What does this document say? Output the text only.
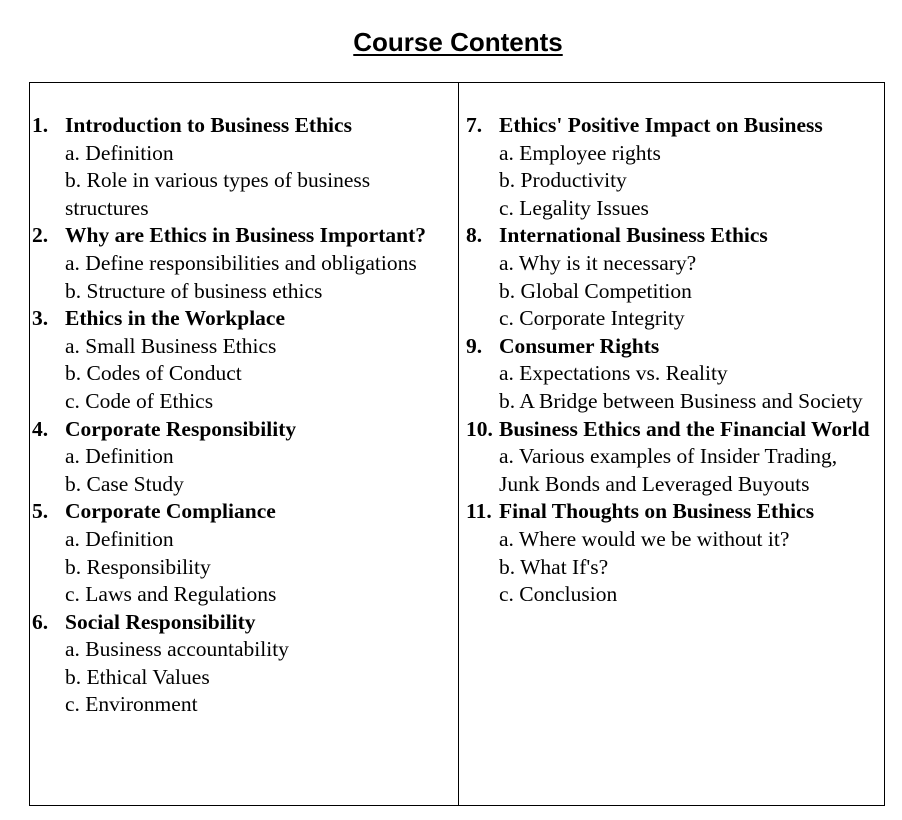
Course Contents
1. Introduction to Business Ethics
a. Definition
b. Role in various types of business structures
2. Why are Ethics in Business Important?
a. Define responsibilities and obligations
b. Structure of business ethics
3. Ethics in the Workplace
a. Small Business Ethics
b. Codes of Conduct
c. Code of Ethics
4. Corporate Responsibility
a. Definition
b. Case Study
5. Corporate Compliance
a. Definition
b. Responsibility
c. Laws and Regulations
6. Social Responsibility
a. Business accountability
b. Ethical Values
c. Environment
7. Ethics' Positive Impact on Business
a. Employee rights
b. Productivity
c. Legality Issues
8. International Business Ethics
a. Why is it necessary?
b. Global Competition
c. Corporate Integrity
9. Consumer Rights
a. Expectations vs. Reality
b. A Bridge between Business and Society
10. Business Ethics and the Financial World
a. Various examples of Insider Trading, Junk Bonds and Leveraged Buyouts
11. Final Thoughts on Business Ethics
a. Where would we be without it?
b. What If's?
c. Conclusion
